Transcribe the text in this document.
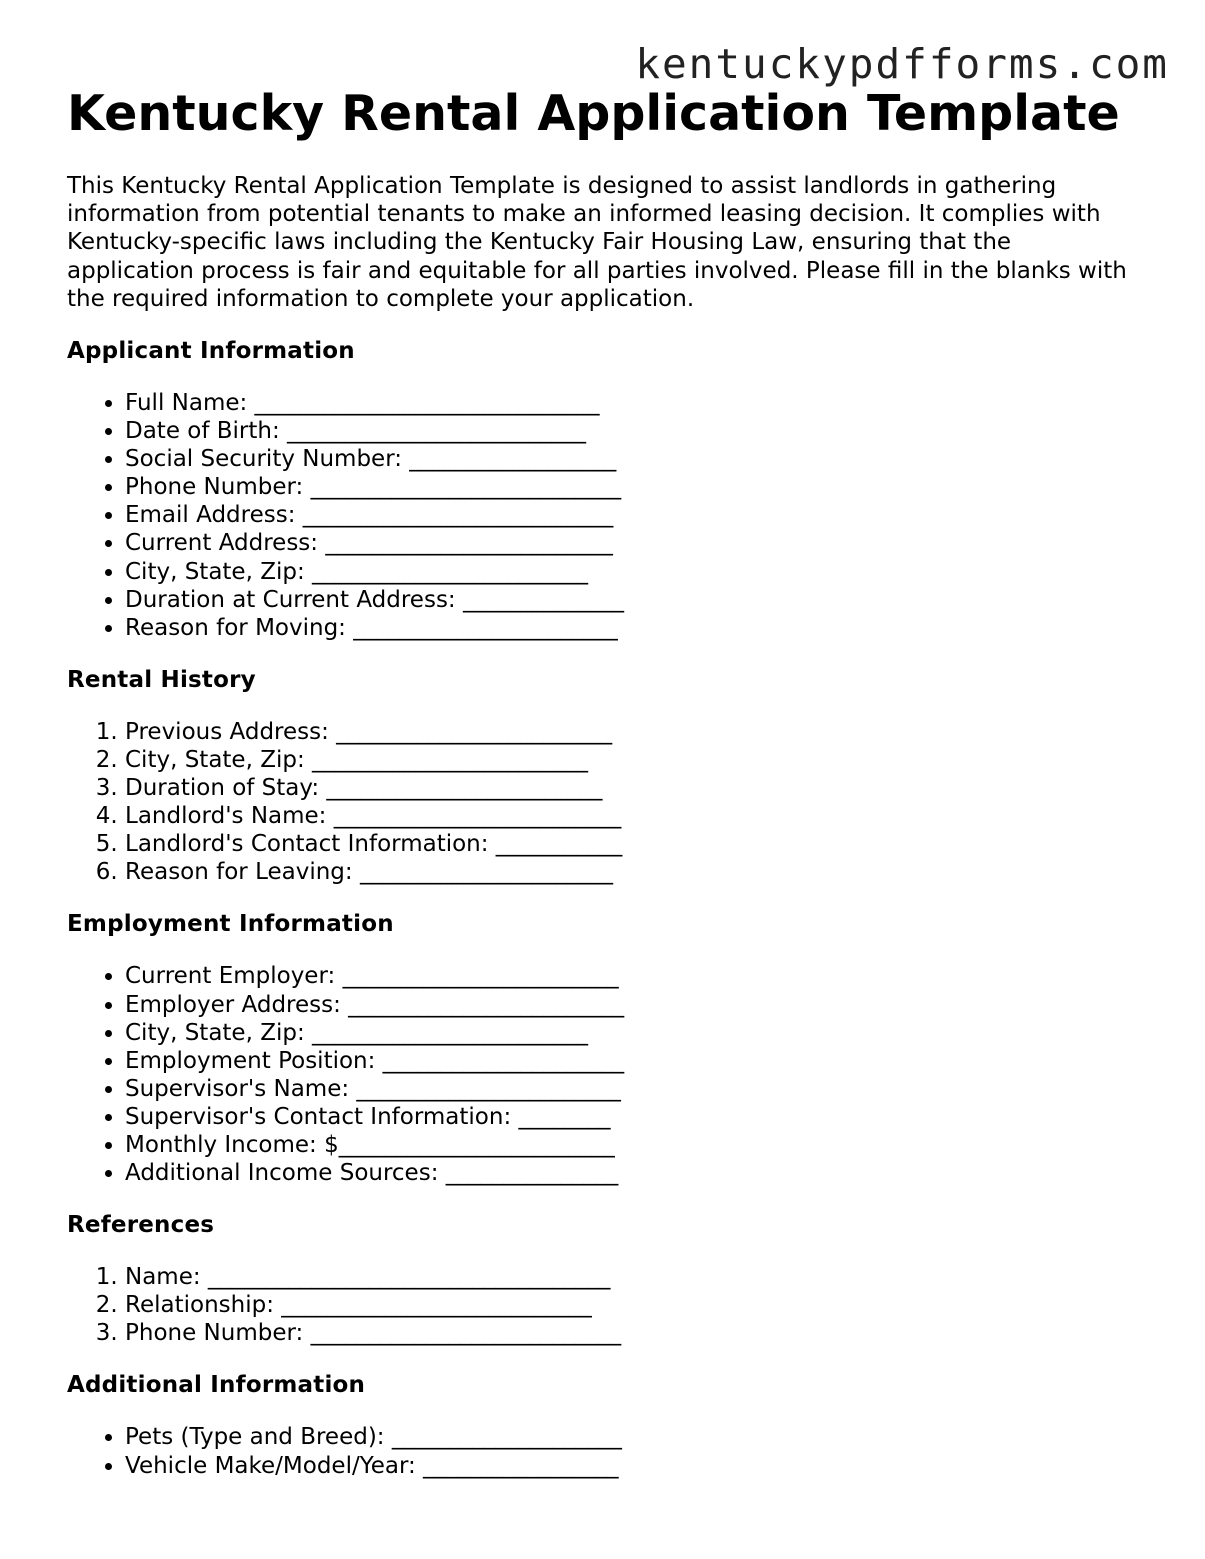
kentuckypdfforms.com
Kentucky Rental Application Template

This Kentucky Rental Application Template is designed to assist landlords in gathering information from potential tenants to make an informed leasing decision. It complies with Kentucky-specific laws including the Kentucky Fair Housing Law, ensuring that the application process is fair and equitable for all parties involved. Please fill in the blanks with the required information to complete your application.

Applicant Information
• Full Name: ______________________________
• Date of Birth: __________________________
• Social Security Number: __________________
• Phone Number: ___________________________
• Email Address: ___________________________
• Current Address: _________________________
• City, State, Zip: ________________________
• Duration at Current Address: ______________
• Reason for Moving: _______________________
Rental History
1. Previous Address: ________________________
2. City, State, Zip: ________________________
3. Duration of Stay: ________________________
4. Landlord's Name: _________________________
5. Landlord's Contact Information: ___________
6. Reason for Leaving: ______________________
Employment Information
• Current Employer: ________________________
• Employer Address: ________________________
• City, State, Zip: ________________________
• Employment Position: _____________________
• Supervisor's Name: _______________________
• Supervisor's Contact Information: ________
• Monthly Income: $________________________
• Additional Income Sources: _______________
References
1. Name: ___________________________________
2. Relationship: ___________________________
3. Phone Number: ___________________________
Additional Information
• Pets (Type and Breed): ____________________
• Vehicle Make/Model/Year: _________________
